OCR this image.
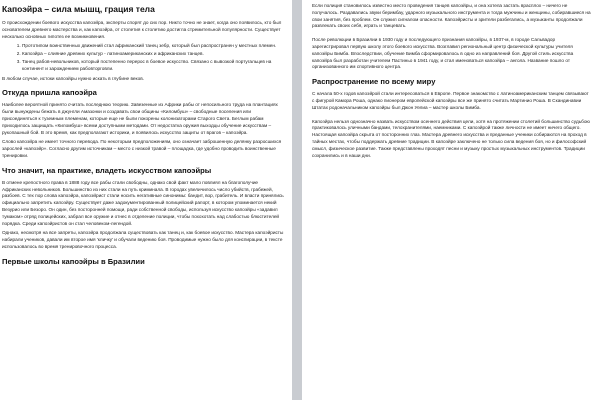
Капоэйра – сила мышц, грация тела
О происхождении боевого искусства капоэйра, эксперты спорят до сих пор. Никто точно не знает, когда оно появилось, кто был основателем древнего мастерства и, как капоэйра, от столетия к столетию достигла стремительной популярности. Существует несколько основных гипотез ее возникновения.
1. Прототипом воинственных движений стал африканский танец зебр, который был распространен у местных племен.
2. Капоэйра – слияние древних культур - латиноамериканских и африканских танцев.
3. Танец рабов-невольников, который постепенно перерос в боевое искусство. Связано с вывозкой португальцев на континент и зарождением рабовторговли.
В любом случае, истоки капоэйры нужно искать в глубине веков.
Откуда пришла капоэйра
Наиболее вероятной принято считать последнюю теорию. Завезенные из Африки рабы от непосильного труда на плантациях были вынуждены бежать в джунгли Амазонки и создавать свои общины «Киломбуш» – свободные поселения или присоединяться к туземным племенам, которые еще не были покорены колонизаторами Старого Света. Беглым рабам приходилось защищать «Киломбуш» всеми доступными методами. От недостатка оружия выходцы обучение искусствам – рукопашный бой. В это время, как предполагают историки, и появилось искусство защиты от врагов – капоэйра.
Слово капоэйра не имеет точного перевода. По некоторым предположениям, оно означает заброшенную делянку разросшихся зарослей «капоэйр». Согласно другим источникам – место с низкой травой – площадка, где удобно проводить воинственные тренировки.
Что значит, на практике, владеть искусством капоэйры
В отмене крепостного права в 1888 году все рабы стали свободны, однако свой факт мало повлиял на благополучие Африканских невольников. Большинство из них стали на путь криминала. В городах увеличилось число убийств, грабежей, разбоев. С тех пор слова капоэйра, капоэйрист стали носить негативные синонимы: бандит, вор, грабитель. И власти принялись официально запретить капоэйру. Существует даже задокументированный полицейский рапорт, в котором упоминается некий Везурио или Безоро. Он один, без посторонней помощи, ради собственной свободы, используя искусство капоэйры «задавил тумаком» отряд полицейских, забрал все оружие и отнес в отделение полиции, чтобы похохотать над слабостью блюстителей порядка. Среди капоэйристов он стал человеком-легендой.
Однако, несмотря на все запреты, капоэйра продолжала существовать как танец и, как боевое искусство. Мастера капоэйристы набирали учеников, давали им второе имя 'кличку' и обучали ведению боя. Проводимые нужно было для конспирации, в тексте использовалось во время тренировочного процесса.
Первые школы капоэйры в Бразилии
Если полиция становилось известно место проведения танцев капоэйры, и она хотела застать врасплох – ничего не получалось. Раздавались звуки беримбау, ударного музыкального инструмента и тогда мужчины и женщины, собиравшиеся на свои занятия, без проблем. Он служил сигналом опасности. Капоэйристы и зрители разбегались, а музыканты продолжали развлекать своих себя, играть и танцевать.
После революции в Бразилии в 1930 году и последующего признания капоэйры, в 1937-м, в городе Сальвадор зарегистрировал первую школу этого боевого искусства. Возглавил региональный центр физической культуры учителя капоэйры Бимба. Впоследствии, обучение Бимба сформировалось в одно из направлений боя. Другой стиль искусства капоэйра был разработан учителем Пастиньо в 1941 году, и стал именоваться капоэйра – ангола. Название пошло от организованного им спортивного центра.
Распространение по всему миру
С начала 50-х годов капоэйрой стали интересоваться в Европе. Первое знакомство с латиноамериканским танцем связывают с фигурой Камора Роша, однако пионером европейской капоэйры все же принято считать Мартинио Роша. В Скандинавии Штатах родоначальником капоэйры был Джон Уелиа – мастер школы Бимба.
Капоэйра нельзя однозначно назвать искусством осеннего действия цели, хотя на протяжении столетий большинство судьбою практиковалось уличными бандами, телохранителями, наемниками. С капоэйрой также личности не имеет ничего общего. Настоящая капоэйра скрыта от посторонних глаз. Мастера древнего искусства и преданные ученики собираются на проход в тайных местах, чтобы поддержать древние традиции. В капоэйре заключено не только сила ведения боя, но и философский смысл, физическое развитие. Также представлены проходят песни и музыку простых музыкальных инструментов. Традиции сохранились и в наши дни.
